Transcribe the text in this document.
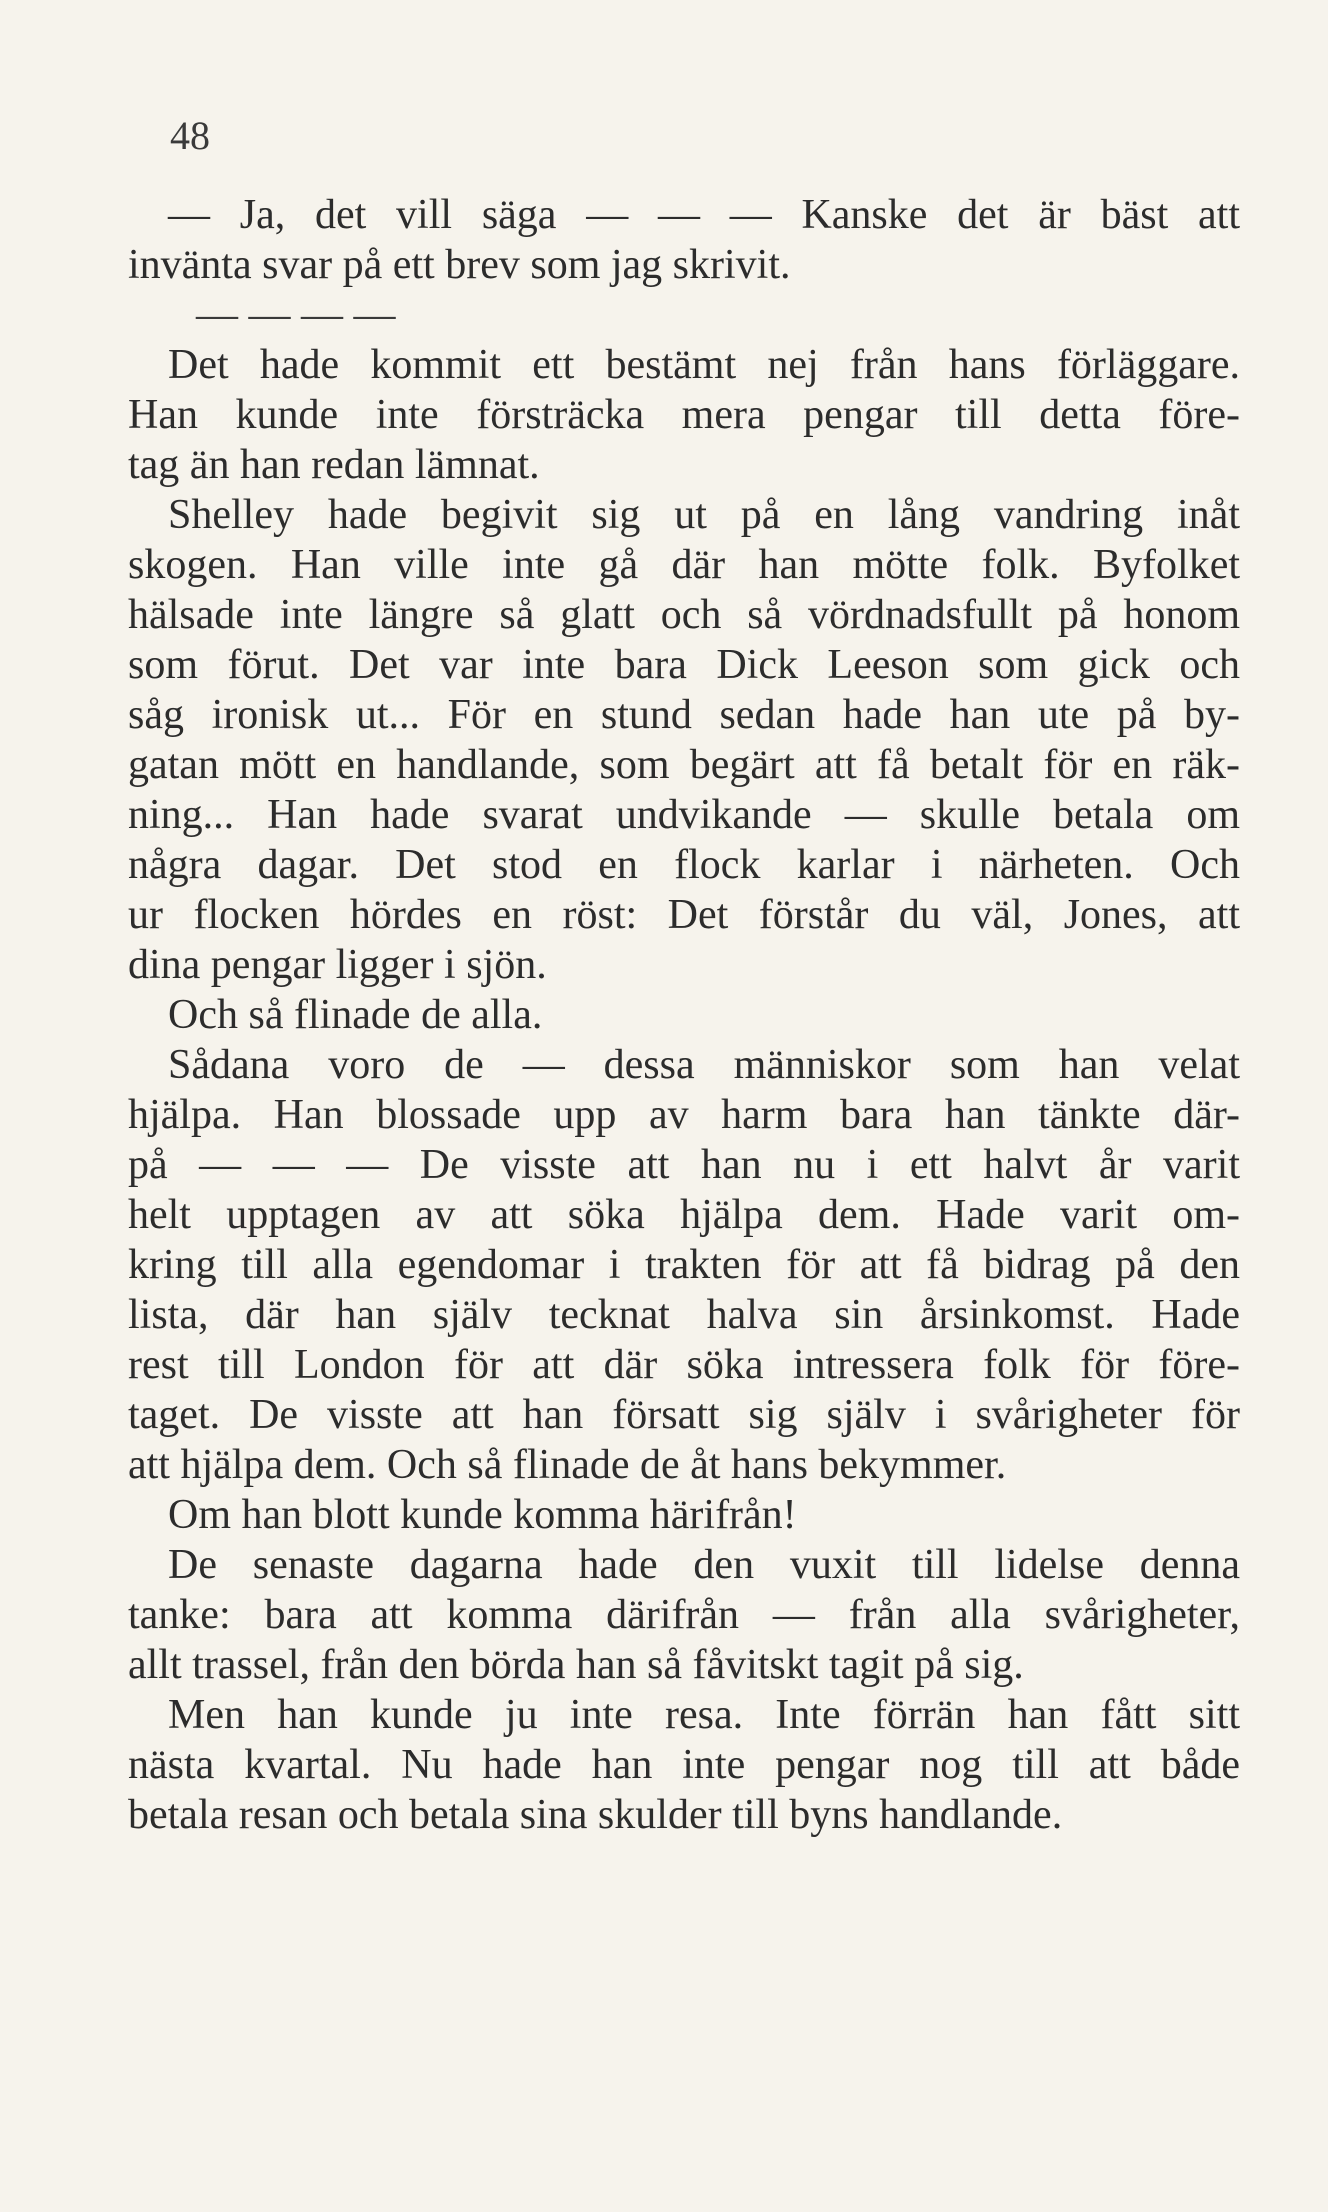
48
— Ja, det vill säga — — — Kanske det är bäst att
invänta svar på ett brev som jag skrivit.
— — — —
Det hade kommit ett bestämt nej från hans förläggare.
Han kunde inte försträcka mera pengar till detta före-
tag än han redan lämnat.
Shelley hade begivit sig ut på en lång vandring inåt
skogen. Han ville inte gå där han mötte folk. Byfolket
hälsade inte längre så glatt och så vördnadsfullt på honom
som förut. Det var inte bara Dick Leeson som gick och
såg ironisk ut... För en stund sedan hade han ute på by-
gatan mött en handlande, som begärt att få betalt för en räk-
ning... Han hade svarat undvikande — skulle betala om
några dagar. Det stod en flock karlar i närheten. Och
ur flocken hördes en röst: Det förstår du väl, Jones, att
dina pengar ligger i sjön.
Och så flinade de alla.
Sådana voro de — dessa människor som han velat
hjälpa. Han blossade upp av harm bara han tänkte där-
på — — — De visste att han nu i ett halvt år varit
helt upptagen av att söka hjälpa dem. Hade varit om-
kring till alla egendomar i trakten för att få bidrag på den
lista, där han själv tecknat halva sin årsinkomst. Hade
rest till London för att där söka intressera folk för före-
taget. De visste att han försatt sig själv i svårigheter för
att hjälpa dem. Och så flinade de åt hans bekymmer.
Om han blott kunde komma härifrån!
De senaste dagarna hade den vuxit till lidelse denna
tanke: bara att komma därifrån — från alla svårigheter,
allt trassel, från den börda han så fåvitskt tagit på sig.
Men han kunde ju inte resa. Inte förrän han fått sitt
nästa kvartal. Nu hade han inte pengar nog till att både
betala resan och betala sina skulder till byns handlande.
